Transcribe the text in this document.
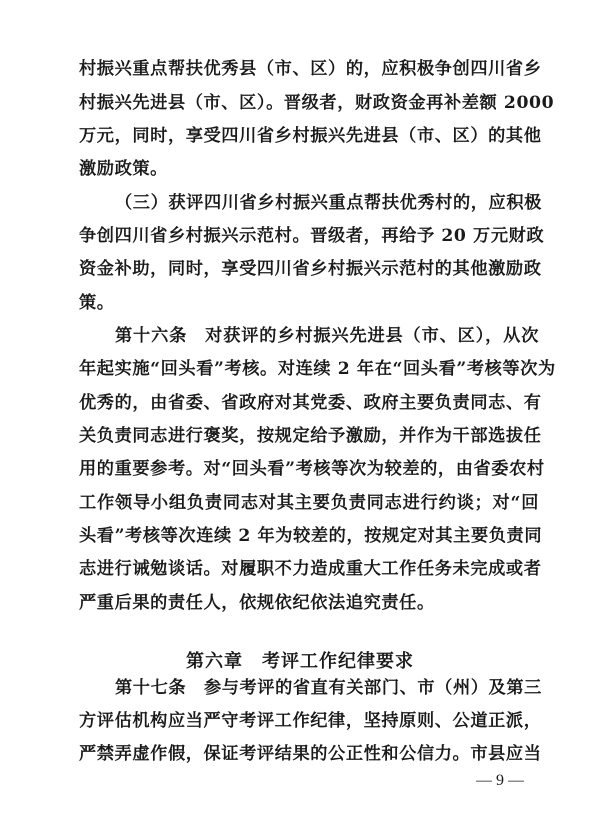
村振兴重点帮扶优秀县（市、区）的，应积极争创四川省乡
村振兴先进县（市、区）。晋级者，财政资金再补差额 2000
万元，同时，享受四川省乡村振兴先进县（市、区）的其他
激励政策。
（三）获评四川省乡村振兴重点帮扶优秀村的，应积极
争创四川省乡村振兴示范村。晋级者，再给予 20 万元财政
资金补助，同时，享受四川省乡村振兴示范村的其他激励政
策。
第十六条　对获评的乡村振兴先进县（市、区），从次
年起实施“回头看”考核。对连续 2 年在“回头看”考核等次为
优秀的，由省委、省政府对其党委、政府主要负责同志、有
关负责同志进行褒奖，按规定给予激励，并作为干部选拔任
用的重要参考。对“回头看”考核等次为较差的，由省委农村
工作领导小组负责同志对其主要负责同志进行约谈；对“回
头看”考核等次连续 2 年为较差的，按规定对其主要负责同
志进行诫勉谈话。对履职不力造成重大工作任务未完成或者
严重后果的责任人，依规依纪依法追究责任。
第六章　考评工作纪律要求
第十七条　参与考评的省直有关部门、市（州）及第三
方评估机构应当严守考评工作纪律，坚持原则、公道正派，
严禁弄虚作假，保证考评结果的公正性和公信力。市县应当
— 9 —
